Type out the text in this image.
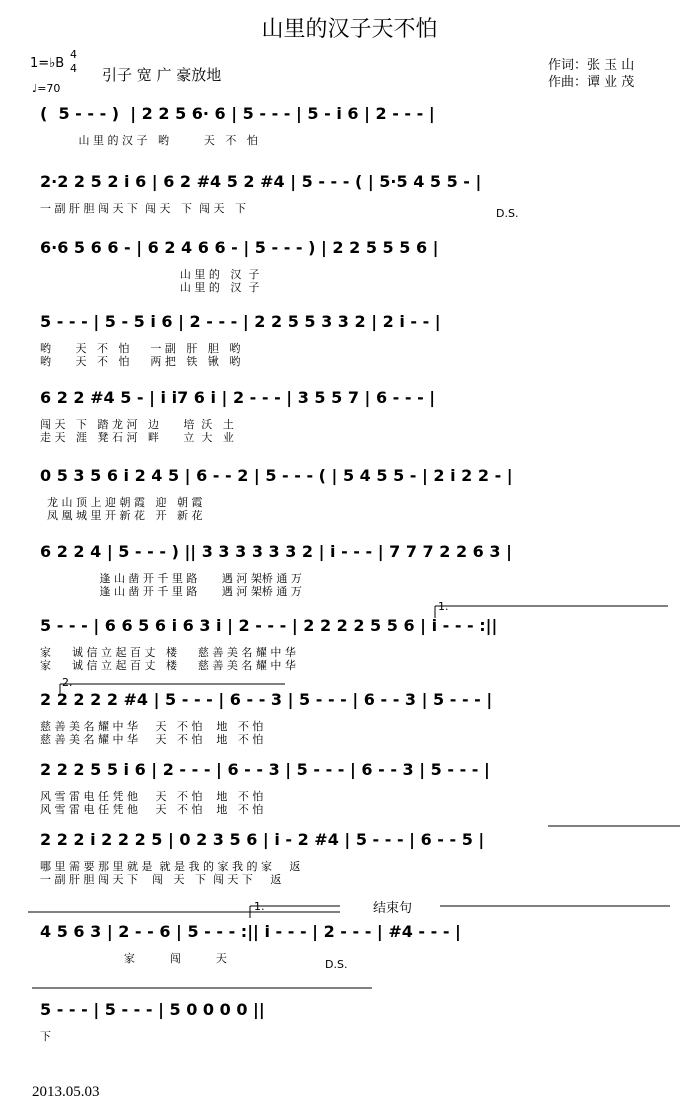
山里的汉子天不怕
1=♭B
4
4
♩=70
引子 宽 广 豪放地
作词：张 玉 山
作曲：谭 业 茂
(  5 - - - )  | 2 2 5 6· 6 | 5 - - - | 5 - i 6 | 2 - - - |
山 里 的 汉 子   哟          天   不   怕
2·2 2 5 2 i 6 | 6 2 #4 5 2 #4 | 5 - - - ( | 5·5 4 5 5 - |
一 副 肝 胆 闯 天 下  闯 天   下  闯 天   下
6·6 5 6 6 - | 6 2 4 6 6 - | 5 - - - ) | 2 2 5 5 5 6 |
山 里 的   汉  子
山 里 的   汉  子
5 - - - | 5 - 5 i 6 | 2 - - - | 2 2 5 5 3 3 2 | 2 i - - |
哟       天   不   怕      一 副   肝   胆   哟
哟       天   不   怕      两 把   铁   锹   哟
6 2 2 #4 5 - | i i7 6 i | 2 - - - | 3 5 5 7 | 6 - - - |
闯 天   下   踏 龙 河   边       培  沃   土
走 天   涯   凳 石 河   畔       立  大   业
0 5 3 5 6 i 2 4 5 | 6 - - 2 | 5 - - - ( | 5 4 5 5 - | 2 i 2 2 - |
龙 山 顶 上 迎 朝 霞   迎   朝 霞
凤 凰 城 里 开 新 花   开   新 花
6 2 2 4 | 5 - - - ) || 3 3 3 3 3 3 2 | i - - - | 7 7 7 2 2 6 3 |
逢 山 凿 开 千 里 路       遇 河 架桥 通 万
逢 山 凿 开 千 里 路       遇 河 架桥 通 万
5 - - - | 6 6 5 6 i 6 3 i | 2 - - - | 2 2 2 2 5 5 6 | i - - - :||
家      诚 信 立 起 百 丈   楼      慈 善 美 名 耀 中 华
家      诚 信 立 起 百 丈   楼      慈 善 美 名 耀 中 华
2 2 2 2 2 #4 | 5 - - - | 6 - - 3 | 5 - - - | 6 - - 3 | 5 - - - |
慈 善 美 名 耀 中 华     天   不 怕    地   不 怕
慈 善 美 名 耀 中 华     天   不 怕    地   不 怕
2 2 2 5 5 i 6 | 2 - - - | 6 - - 3 | 5 - - - | 6 - - 3 | 5 - - - |
风 雪 雷 电 任 凭 他     天   不 怕    地   不 怕
风 雪 雷 电 任 凭 他     天   不 怕    地   不 怕
2 2 2 i 2 2 2 5 | 0 2 3 5 6 | i - 2 #4 | 5 - - - | 6 - - 5 |
哪 里 需 要 那 里 就 是  就 是 我 的 家 我 的 家     返
一 副 肝 胆 闯 天 下    闯   天   下  闯 天 下     返
4 5 6 3 | 2 - - 6 | 5 - - - :|| i - - - | 2 - - - | #4 - - - |
家          闯          天
5 - - - | 5 - - - | 5 0 0 0 0 ||
下
D.S.
D.S.
结束句
1.
2.
1.
2013.05.03
